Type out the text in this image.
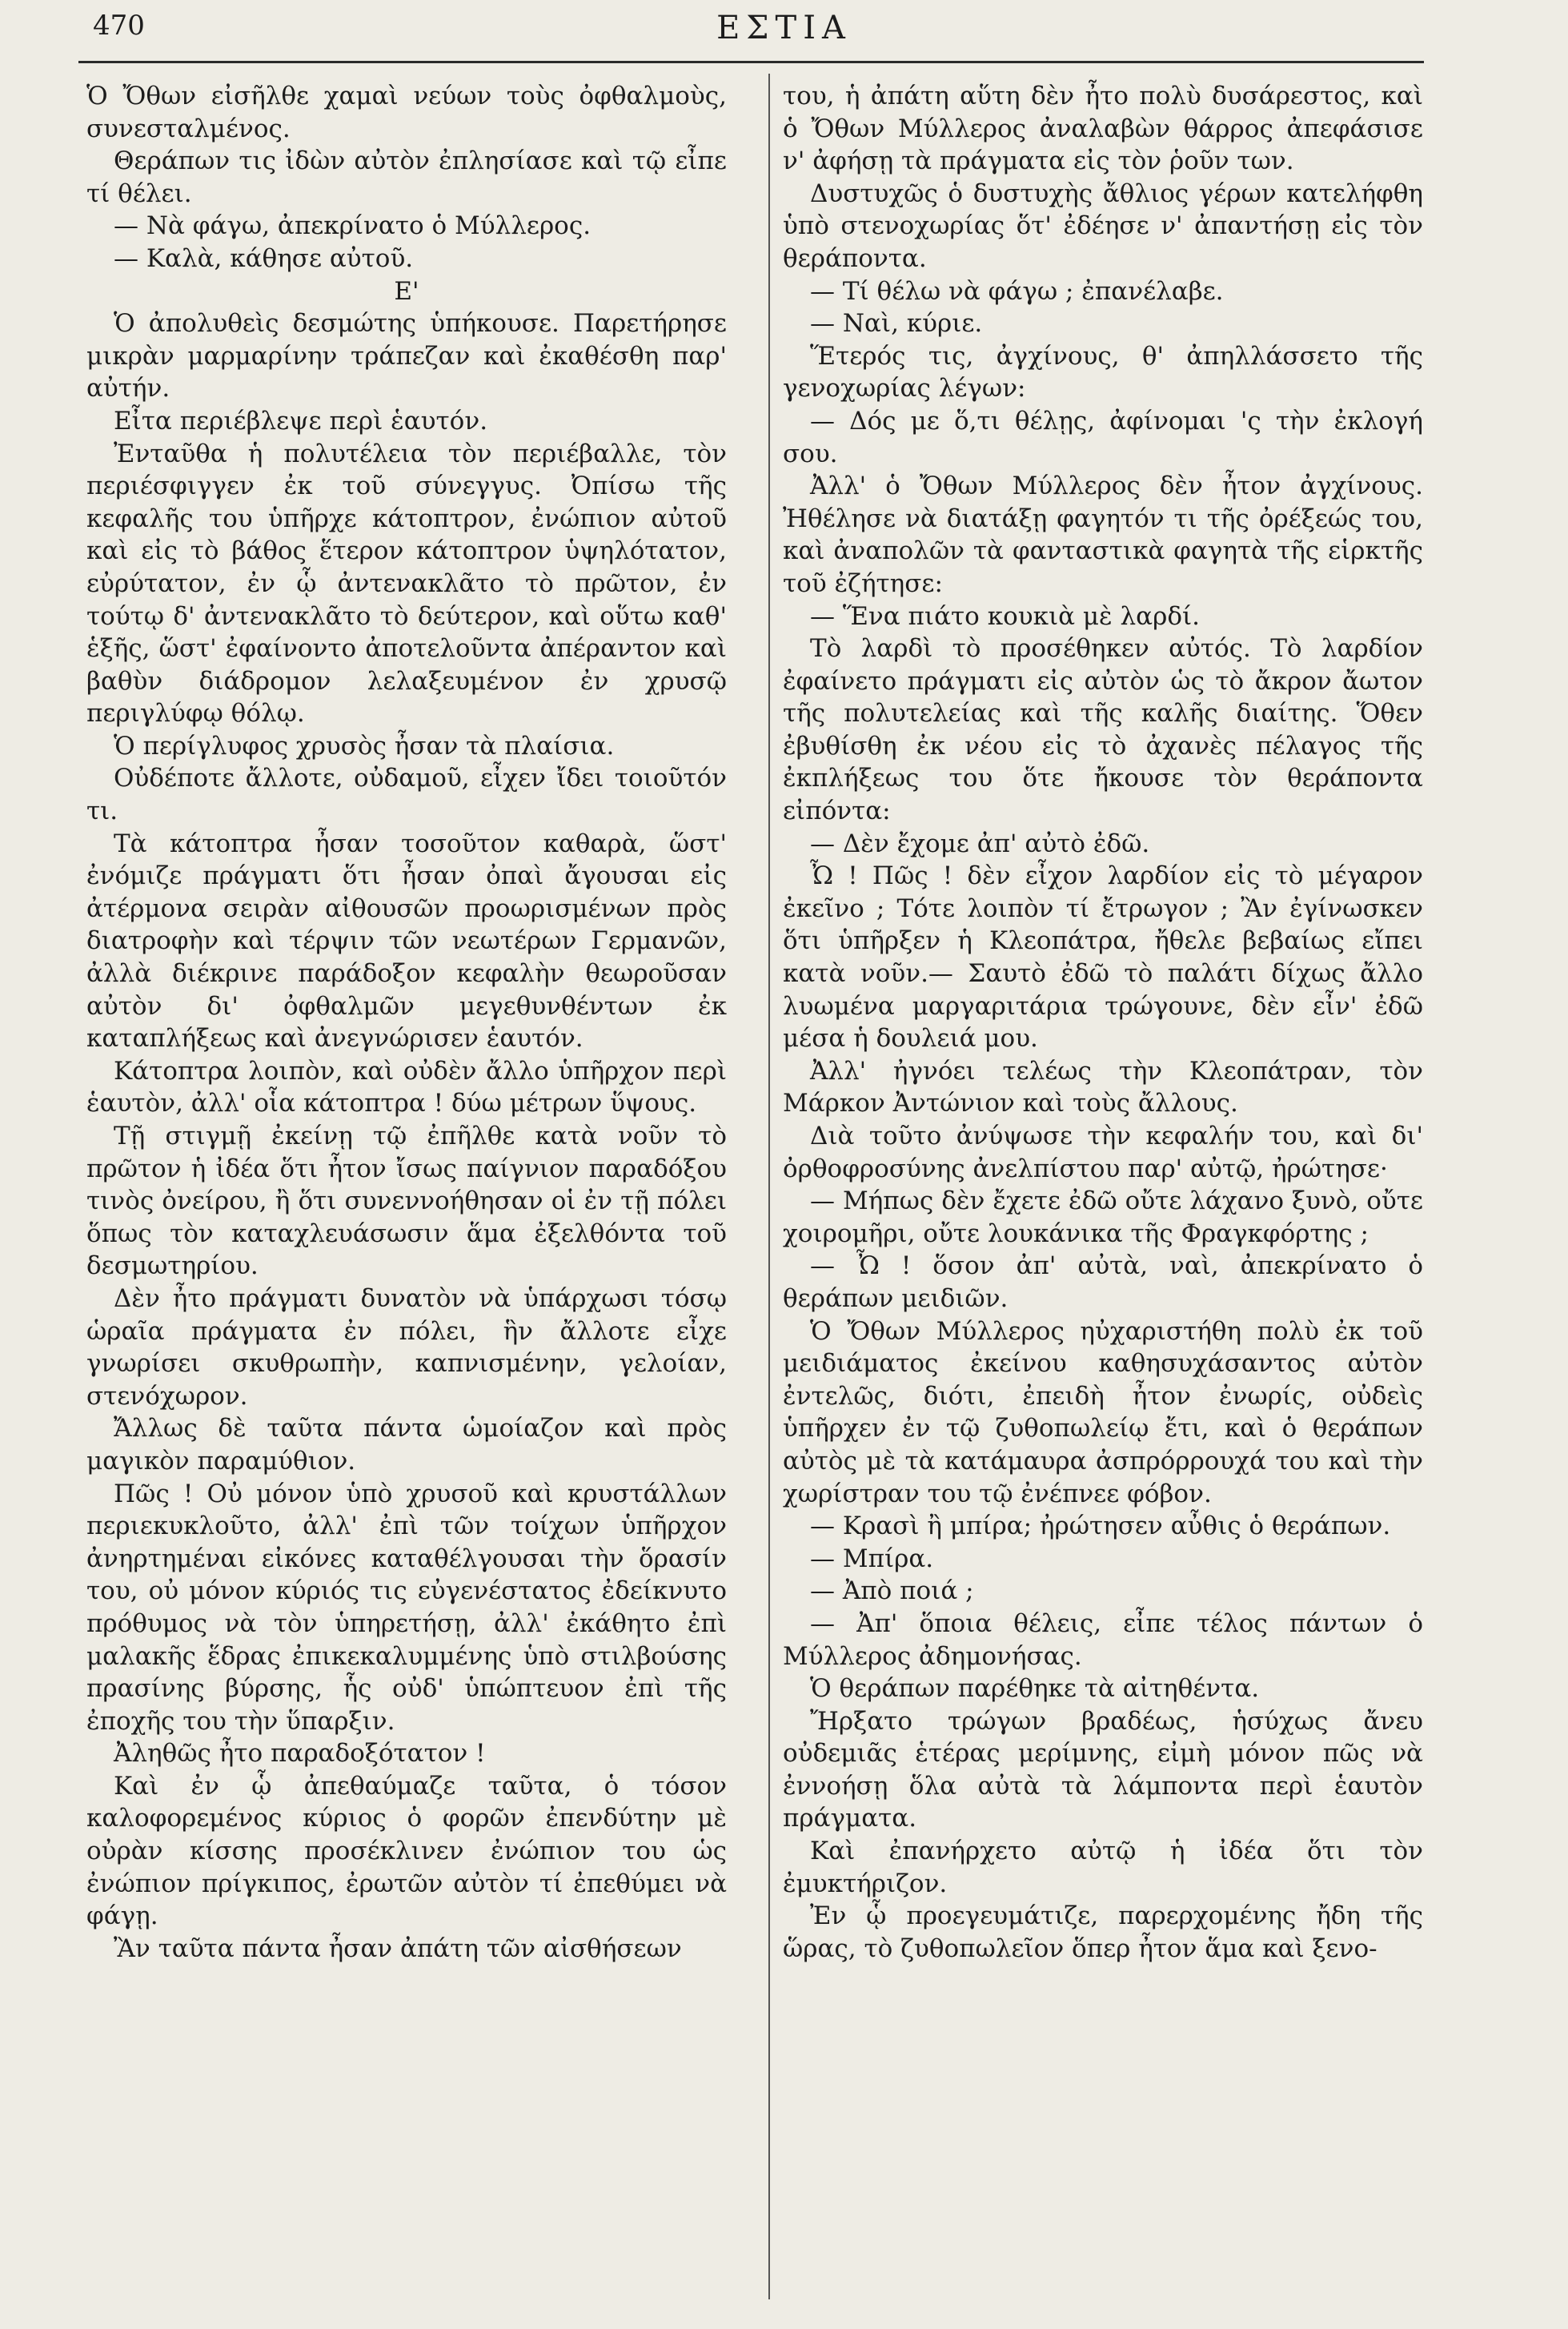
470	ΕΣΤΙΑ

Ὁ Ὄθων εἰσῆλθε χαμαὶ νεύων τοὺς ὀφθαλμοὺς, συνεσταλμένος.

Θεράπων τις ἰδὼν αὐτὸν ἐπλησίασε καὶ τῷ εἶπε τί θέλει.

— Νὰ φάγω, ἀπεκρίνατο ὁ Μύλλερος.

— Καλὰ, κάθησε αὐτοῦ.

Ε'

Ὁ ἀπολυθεὶς δεσμώτης ὑπήκουσε. Παρετήρησε μικρὰν μαρμαρίνην τράπεζαν καὶ ἐκαθέσθη παρ' αὐτήν.

Εἶτα περιέβλεψε περὶ ἑαυτόν.

Ἐνταῦθα ἡ πολυτέλεια τὸν περιέβαλλε, τὸν περιέσφιγγεν ἐκ τοῦ σύνεγγυς. Ὀπίσω τῆς κεφαλῆς του ὑπῆρχε κάτοπτρον, ἐνώπιον αὐτοῦ καὶ εἰς τὸ βάθος ἕτερον κάτοπτρον ὑψηλότατον, εὐρύτατον, ἐν ᾧ ἀντενακλᾶτο τὸ πρῶτον, ἐν τούτῳ δ' ἀντενακλᾶτο τὸ δεύτερον, καὶ οὕτω καθ' ἑξῆς, ὥστ' ἐφαίνοντο ἀποτελοῦντα ἀπέραντον καὶ βαθὺν διάδρομον λελαξευμένον ἐν χρυσῷ περιγλύφῳ θόλῳ.

Ὁ περίγλυφος χρυσὸς ἦσαν τὰ πλαίσια.

Οὐδέποτε ἄλλοτε, οὐδαμοῦ, εἶχεν ἴδει τοιοῦτόν τι.

Τὰ κάτοπτρα ἦσαν τοσοῦτον καθαρὰ, ὥστ' ἐνόμιζε πράγματι ὅτι ἦσαν ὀπαὶ ἄγουσαι εἰς ἀτέρμονα σειρὰν αἰθουσῶν προωρισμένων πρὸς διατροφὴν καὶ τέρψιν τῶν νεωτέρων Γερμανῶν, ἀλλὰ διέκρινε παράδοξον κεφαλὴν θεωροῦσαν αὐτὸν δι' ὀφθαλμῶν μεγεθυνθέντων ἐκ καταπλήξεως καὶ ἀνεγνώρισεν ἑαυτόν.

Κάτοπτρα λοιπὸν, καὶ οὐδὲν ἄλλο ὑπῆρχον περὶ ἑαυτὸν, ἀλλ' οἷα κάτοπτρα ! δύω μέτρων ὕψους.

Τῇ στιγμῇ ἐκείνῃ τῷ ἐπῆλθε κατὰ νοῦν τὸ πρῶτον ἡ ἰδέα ὅτι ἦτον ἴσως παίγνιον παραδόξου τινὸς ὀνείρου, ἢ ὅτι συνεννοήθησαν οἱ ἐν τῇ πόλει ὅπως τὸν καταχλευάσωσιν ἅμα ἐξελθόντα τοῦ δεσμωτηρίου.

Δὲν ἦτο πράγματι δυνατὸν νὰ ὑπάρχωσι τόσῳ ὡραῖα πράγματα ἐν πόλει, ἣν ἄλλοτε εἶχε γνωρίσει σκυθρωπὴν, καπνισμένην, γελοίαν, στενόχωρον.

Ἄλλως δὲ ταῦτα πάντα ὡμοίαζον καὶ πρὸς μαγικὸν παραμύθιον.

Πῶς ! Οὐ μόνον ὑπὸ χρυσοῦ καὶ κρυστάλλων περιεκυκλοῦτο, ἀλλ' ἐπὶ τῶν τοίχων ὑπῆρχον ἀνηρτημέναι εἰκόνες καταθέλγουσαι τὴν ὅρασίν του, οὐ μόνον κύριός τις εὐγενέστατος ἐδείκνυτο πρόθυμος νὰ τὸν ὑπηρετήσῃ, ἀλλ' ἐκάθητο ἐπὶ μαλακῆς ἕδρας ἐπικεκαλυμμένης ὑπὸ στιλβούσης πρασίνης βύρσης, ἧς οὐδ' ὑπώπτευον ἐπὶ τῆς ἐποχῆς του τὴν ὕπαρξιν.

Ἀληθῶς ἦτο παραδοξότατον !

Καὶ ἐν ᾧ ἀπεθαύμαζε ταῦτα, ὁ τόσον καλοφορεμένος κύριος ὁ φορῶν ἐπενδύτην μὲ οὐρὰν κίσσης προσέκλινεν ἐνώπιον του ὡς ἐνώπιον πρίγκιπος, ἐρωτῶν αὐτὸν τί ἐπεθύμει νὰ φάγῃ.

Ἂν ταῦτα πάντα ἦσαν ἀπάτη τῶν αἰσθήσεων

του, ἡ ἀπάτη αὕτη δὲν ἦτο πολὺ δυσάρεστος, καὶ ὁ Ὄθων Μύλλερος ἀναλαβὼν θάρρος ἀπεφάσισε ν' ἀφήσῃ τὰ πράγματα εἰς τὸν ῥοῦν των.

Δυστυχῶς ὁ δυστυχὴς ἄθλιος γέρων κατελήφθη ὑπὸ στενοχωρίας ὅτ' ἐδέησε ν' ἀπαντήσῃ εἰς τὸν θεράποντα.

— Τί θέλω νὰ φάγω ; ἐπανέλαβε.

— Ναὶ, κύριε.

Ἕτερός τις, ἀγχίνους, θ' ἀπηλλάσσετο τῆς γενοχωρίας λέγων:

— Δός με ὅ,τι θέλῃς, ἀφίνομαι 'ς τὴν ἐκλογή σου.

Ἀλλ' ὁ Ὄθων Μύλλερος δὲν ἦτον ἀγχίνους. Ἠθέλησε νὰ διατάξῃ φαγητόν τι τῆς ὀρέξεώς του, καὶ ἀναπολῶν τὰ φανταστικὰ φαγητὰ τῆς εἱρκτῆς τοῦ ἐζήτησε:

— Ἕνα πιάτο κουκιὰ μὲ λαρδί.

Τὸ λαρδὶ τὸ προσέθηκεν αὐτός. Τὸ λαρδίον ἐφαίνετο πράγματι εἰς αὐτὸν ὡς τὸ ἄκρον ἄωτον τῆς πολυτελείας καὶ τῆς καλῆς διαίτης. Ὅθεν ἐβυθίσθη ἐκ νέου εἰς τὸ ἀχανὲς πέλαγος τῆς ἐκπλήξεως του ὅτε ἤκουσε τὸν θεράποντα εἰπόντα:

— Δὲν ἔχομε ἀπ' αὐτὸ ἐδῶ.

Ὦ ! Πῶς ! δὲν εἶχον λαρδίον εἰς τὸ μέγαρον ἐκεῖνο ; Τότε λοιπὸν τί ἔτρωγον ; Ἂν ἐγίνωσκεν ὅτι ὑπῆρξεν ἡ Κλεοπάτρα, ἤθελε βεβαίως εἴπει κατὰ νοῦν.— Σαυτὸ ἐδῶ τὸ παλάτι δίχως ἄλλο λυωμένα μαργαριτάρια τρώγουνε, δὲν εἶν' ἐδῶ μέσα ἡ δουλειά μου.

Ἀλλ' ἠγνόει τελέως τὴν Κλεοπάτραν, τὸν Μάρκον Ἀντώνιον καὶ τοὺς ἄλλους.

Διὰ τοῦτο ἀνύψωσε τὴν κεφαλήν του, καὶ δι' ὀρθοφροσύνης ἀνελπίστου παρ' αὐτῷ, ἠρώτησε·

— Μήπως δὲν ἔχετε ἐδῶ οὔτε λάχανο ξυνὸ, οὔτε χοιρομῆρι, οὔτε λουκάνικα τῆς Φραγκφόρτης ;

— Ὦ ! ὅσον ἀπ' αὐτὰ, ναὶ, ἀπεκρίνατο ὁ θεράπων μειδιῶν.

Ὁ Ὄθων Μύλλερος ηὐχαριστήθη πολὺ ἐκ τοῦ μειδιάματος ἐκείνου καθησυχάσαντος αὐτὸν ἐντελῶς, διότι, ἐπειδὴ ἦτον ἐνωρίς, οὐδεὶς ὑπῆρχεν ἐν τῷ ζυθοπωλείῳ ἔτι, καὶ ὁ θεράπων αὐτὸς μὲ τὰ κατάμαυρα ἀσπρόρρουχά του καὶ τὴν χωρίστραν του τῷ ἐνέπνεε φόβον.

— Κρασὶ ἢ μπίρα; ἠρώτησεν αὖθις ὁ θεράπων.

— Μπίρα.

— Ἀπὸ ποιά ;

— Ἀπ' ὅποια θέλεις, εἶπε τέλος πάντων ὁ Μύλλερος ἀδημονήσας.

Ὁ θεράπων παρέθηκε τὰ αἰτηθέντα.

Ἤρξατο τρώγων βραδέως, ἡσύχως ἄνευ οὐδεμιᾶς ἑτέρας μερίμνης, εἰμὴ μόνον πῶς νὰ ἐννοήσῃ ὅλα αὐτὰ τὰ λάμποντα περὶ ἑαυτὸν πράγματα.

Καὶ ἐπανήρχετο αὐτῷ ἡ ἰδέα ὅτι τὸν ἐμυκτήριζον.

Ἐν ᾧ προεγευμάτιζε, παρερχομένης ἤδη τῆς ὥρας, τὸ ζυθοπωλεῖον ὅπερ ἦτον ἅμα καὶ ξενο-
